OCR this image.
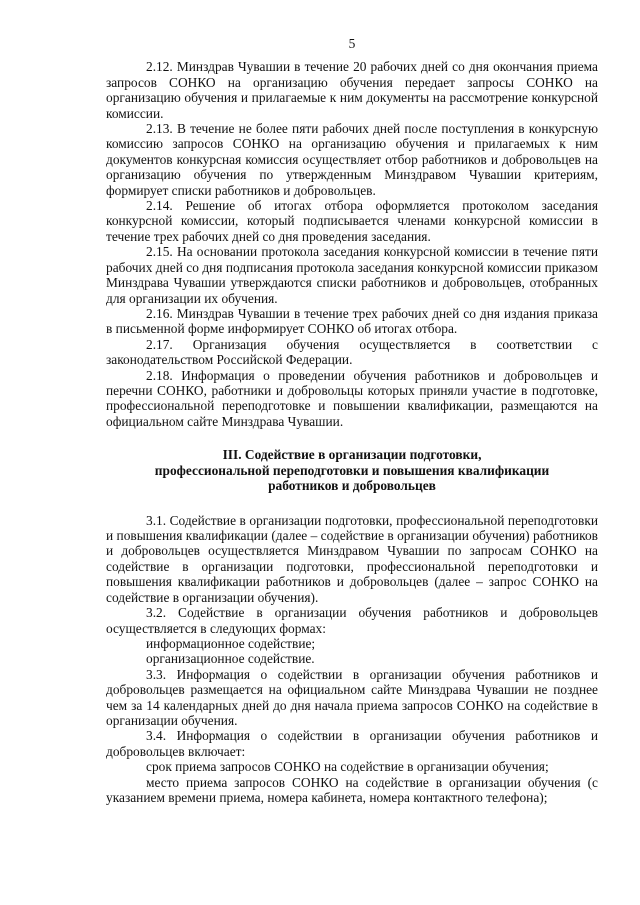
5

2.12. Минздрав Чувашии в течение 20 рабочих дней со дня окончания приема запросов СОНКО на организацию обучения передает запросы СОНКО на организацию обучения и прилагаемые к ним документы на рассмотрение конкурсной комиссии.

2.13. В течение не более пяти рабочих дней после поступления в конкурсную комиссию запросов СОНКО на организацию обучения и прилагаемых к ним документов конкурсная комиссия осуществляет отбор работников и добровольцев на организацию обучения по утвержденным Минздравом Чувашии критериям, формирует списки работников и добровольцев.

2.14. Решение об итогах отбора оформляется протоколом заседания конкурсной комиссии, который подписывается членами конкурсной комиссии в течение трех рабочих дней со дня проведения заседания.

2.15. На основании протокола заседания конкурсной комиссии в течение пяти рабочих дней со дня подписания протокола заседания конкурсной комиссии приказом Минздрава Чувашии утверждаются списки работников и добровольцев, отобранных для организации их обучения.

2.16. Минздрав Чувашии в течение трех рабочих дней со дня издания приказа в письменной форме информирует СОНКО об итогах отбора.

2.17. Организация обучения осуществляется в соответствии с законодательством Российской Федерации.

2.18. Информация о проведении обучения работников и добровольцев и перечни СОНКО, работники и добровольцы которых приняли участие в подготовке, профессиональной переподготовке и повышении квалификации, размещаются на официальном сайте Минздрава Чувашии.

III. Содействие в организации подготовки,
профессиональной переподготовки и повышения квалификации
работников и добровольцев

3.1. Содействие в организации подготовки, профессиональной переподготовки и повышения квалификации (далее – содействие в организации обучения) работников и добровольцев осуществляется Минздравом Чувашии по запросам СОНКО на содействие в организации подготовки, профессиональной переподготовки и повышения квалификации работников и добровольцев (далее – запрос СОНКО на содействие в организации обучения).

3.2. Содействие в организации обучения работников и добровольцев осуществляется в следующих формах:

информационное содействие;

организационное содействие.

3.3. Информация о содействии в организации обучения работников и добровольцев размещается на официальном сайте Минздрава Чувашии не позднее чем за 14 календарных дней до дня начала приема запросов СОНКО на содействие в организации обучения.

3.4. Информация о содействии в организации обучения работников и добровольцев включает:

срок приема запросов СОНКО на содействие в организации обучения;

место приема запросов СОНКО на содействие в организации обучения (с указанием времени приема, номера кабинета, номера контактного телефона);
